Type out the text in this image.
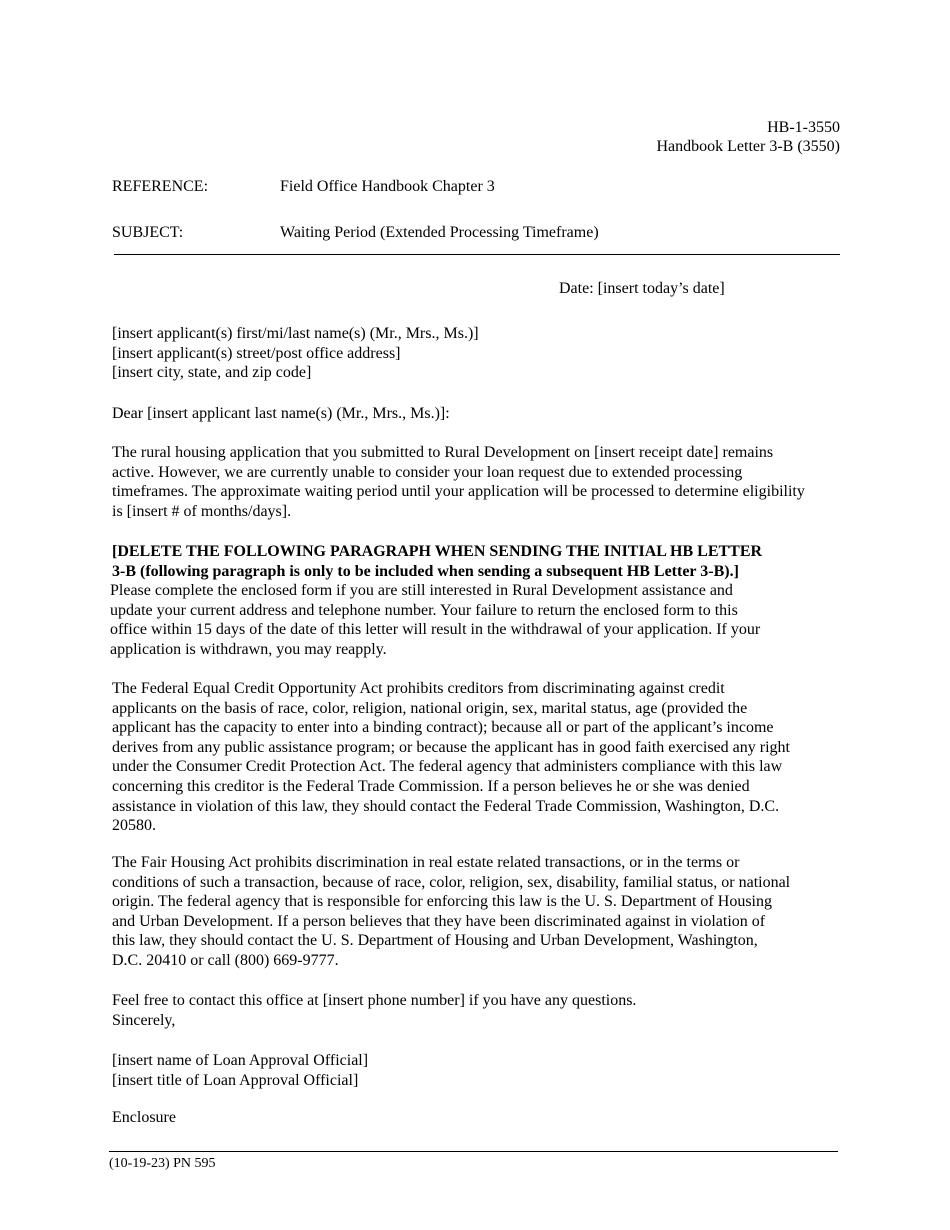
HB-1-3550
Handbook Letter 3-B (3550)
REFERENCE:	Field Office Handbook Chapter 3
SUBJECT:	Waiting Period (Extended Processing Timeframe)
Date: [insert today’s date]
[insert applicant(s) first/mi/last name(s) (Mr., Mrs., Ms.)]
[insert applicant(s) street/post office address]
[insert city, state, and zip code]
Dear [insert applicant last name(s) (Mr., Mrs., Ms.)]:
The rural housing application that you submitted to Rural Development on [insert receipt date] remains
active. However, we are currently unable to consider your loan request due to extended processing
timeframes. The approximate waiting period until your application will be processed to determine eligibility
is [insert # of months/days].
[DELETE THE FOLLOWING PARAGRAPH WHEN SENDING THE INITIAL HB LETTER
3-B (following paragraph is only to be included when sending a subsequent HB Letter 3-B).]
Please complete the enclosed form if you are still interested in Rural Development assistance and
update your current address and telephone number. Your failure to return the enclosed form to this
office within 15 days of the date of this letter will result in the withdrawal of your application. If your
application is withdrawn, you may reapply.
The Federal Equal Credit Opportunity Act prohibits creditors from discriminating against credit
applicants on the basis of race, color, religion, national origin, sex, marital status, age (provided the
applicant has the capacity to enter into a binding contract); because all or part of the applicant’s income
derives from any public assistance program; or because the applicant has in good faith exercised any right
under the Consumer Credit Protection Act. The federal agency that administers compliance with this law
concerning this creditor is the Federal Trade Commission. If a person believes he or she was denied
assistance in violation of this law, they should contact the Federal Trade Commission, Washington, D.C.
20580.
The Fair Housing Act prohibits discrimination in real estate related transactions, or in the terms or
conditions of such a transaction, because of race, color, religion, sex, disability, familial status, or national
origin. The federal agency that is responsible for enforcing this law is the U. S. Department of Housing
and Urban Development. If a person believes that they have been discriminated against in violation of
this law, they should contact the U. S. Department of Housing and Urban Development, Washington,
D.C. 20410 or call (800) 669-9777.
Feel free to contact this office at [insert phone number] if you have any questions.
Sincerely,
[insert name of Loan Approval Official]
[insert title of Loan Approval Official]
Enclosure
(10-19-23) PN 595
